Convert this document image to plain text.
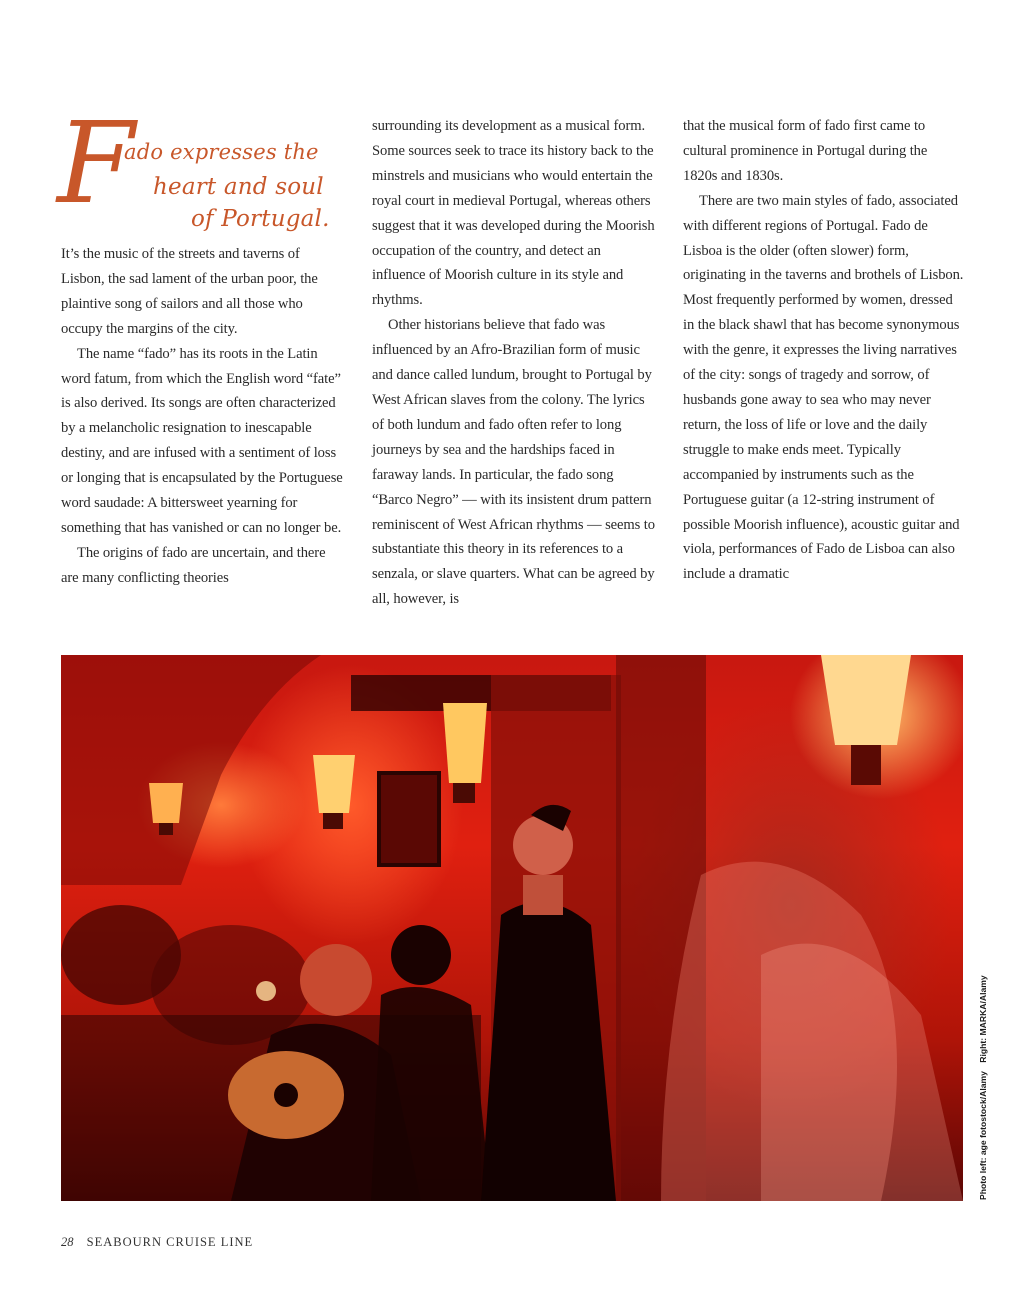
F
ado expresses the
heart and soul
of Portugal.

It’s the music of the streets and taverns of Lisbon, the sad lament of the urban poor, the plaintive song of sailors and all those who occupy the margins of the city.

The name “fado” has its roots in the Latin word fatum, from which the English word “fate” is also derived. Its songs are often characterized by a melancholic resignation to inescapable destiny, and are infused with a sentiment of loss or longing that is encapsulated by the Portuguese word saudade: A bittersweet yearning for something that has vanished or can no longer be.

The origins of fado are uncertain, and there are many conflicting theories

surrounding its development as a musical form. Some sources seek to trace its history back to the minstrels and musicians who would entertain the royal court in medieval Portugal, whereas others suggest that it was developed during the Moorish occupation of the country, and detect an influence of Moorish culture in its style and rhythms.

Other historians believe that fado was influenced by an Afro-Brazilian form of music and dance called lundum, brought to Portugal by West African slaves from the colony. The lyrics of both lundum and fado often refer to long journeys by sea and the hardships faced in faraway lands. In particular, the fado song “Barco Negro” — with its insistent drum pattern reminiscent of West African rhythms — seems to substantiate this theory in its references to a senzala, or slave quarters. What can be agreed by all, however, is

that the musical form of fado first came to cultural prominence in Portugal during the 1820s and 1830s.

There are two main styles of fado, associated with different regions of Portugal. Fado de Lisboa is the older (often slower) form, originating in the taverns and brothels of Lisbon. Most frequently performed by women, dressed in the black shawl that has become synonymous with the genre, it expresses the living narratives of the city: songs of tragedy and sorrow, of husbands gone away to sea who may never return, the loss of life or love and the daily struggle to make ends meet. Typically accompanied by instruments such as the Portuguese guitar (a 12-string instrument of possible Moorish influence), acoustic guitar and viola, performances of Fado de Lisboa can also include a dramatic

Photo left: age fotostock/Alamy Right: MARKA/Alamy
28 SEABOURN CRUISE LINE
